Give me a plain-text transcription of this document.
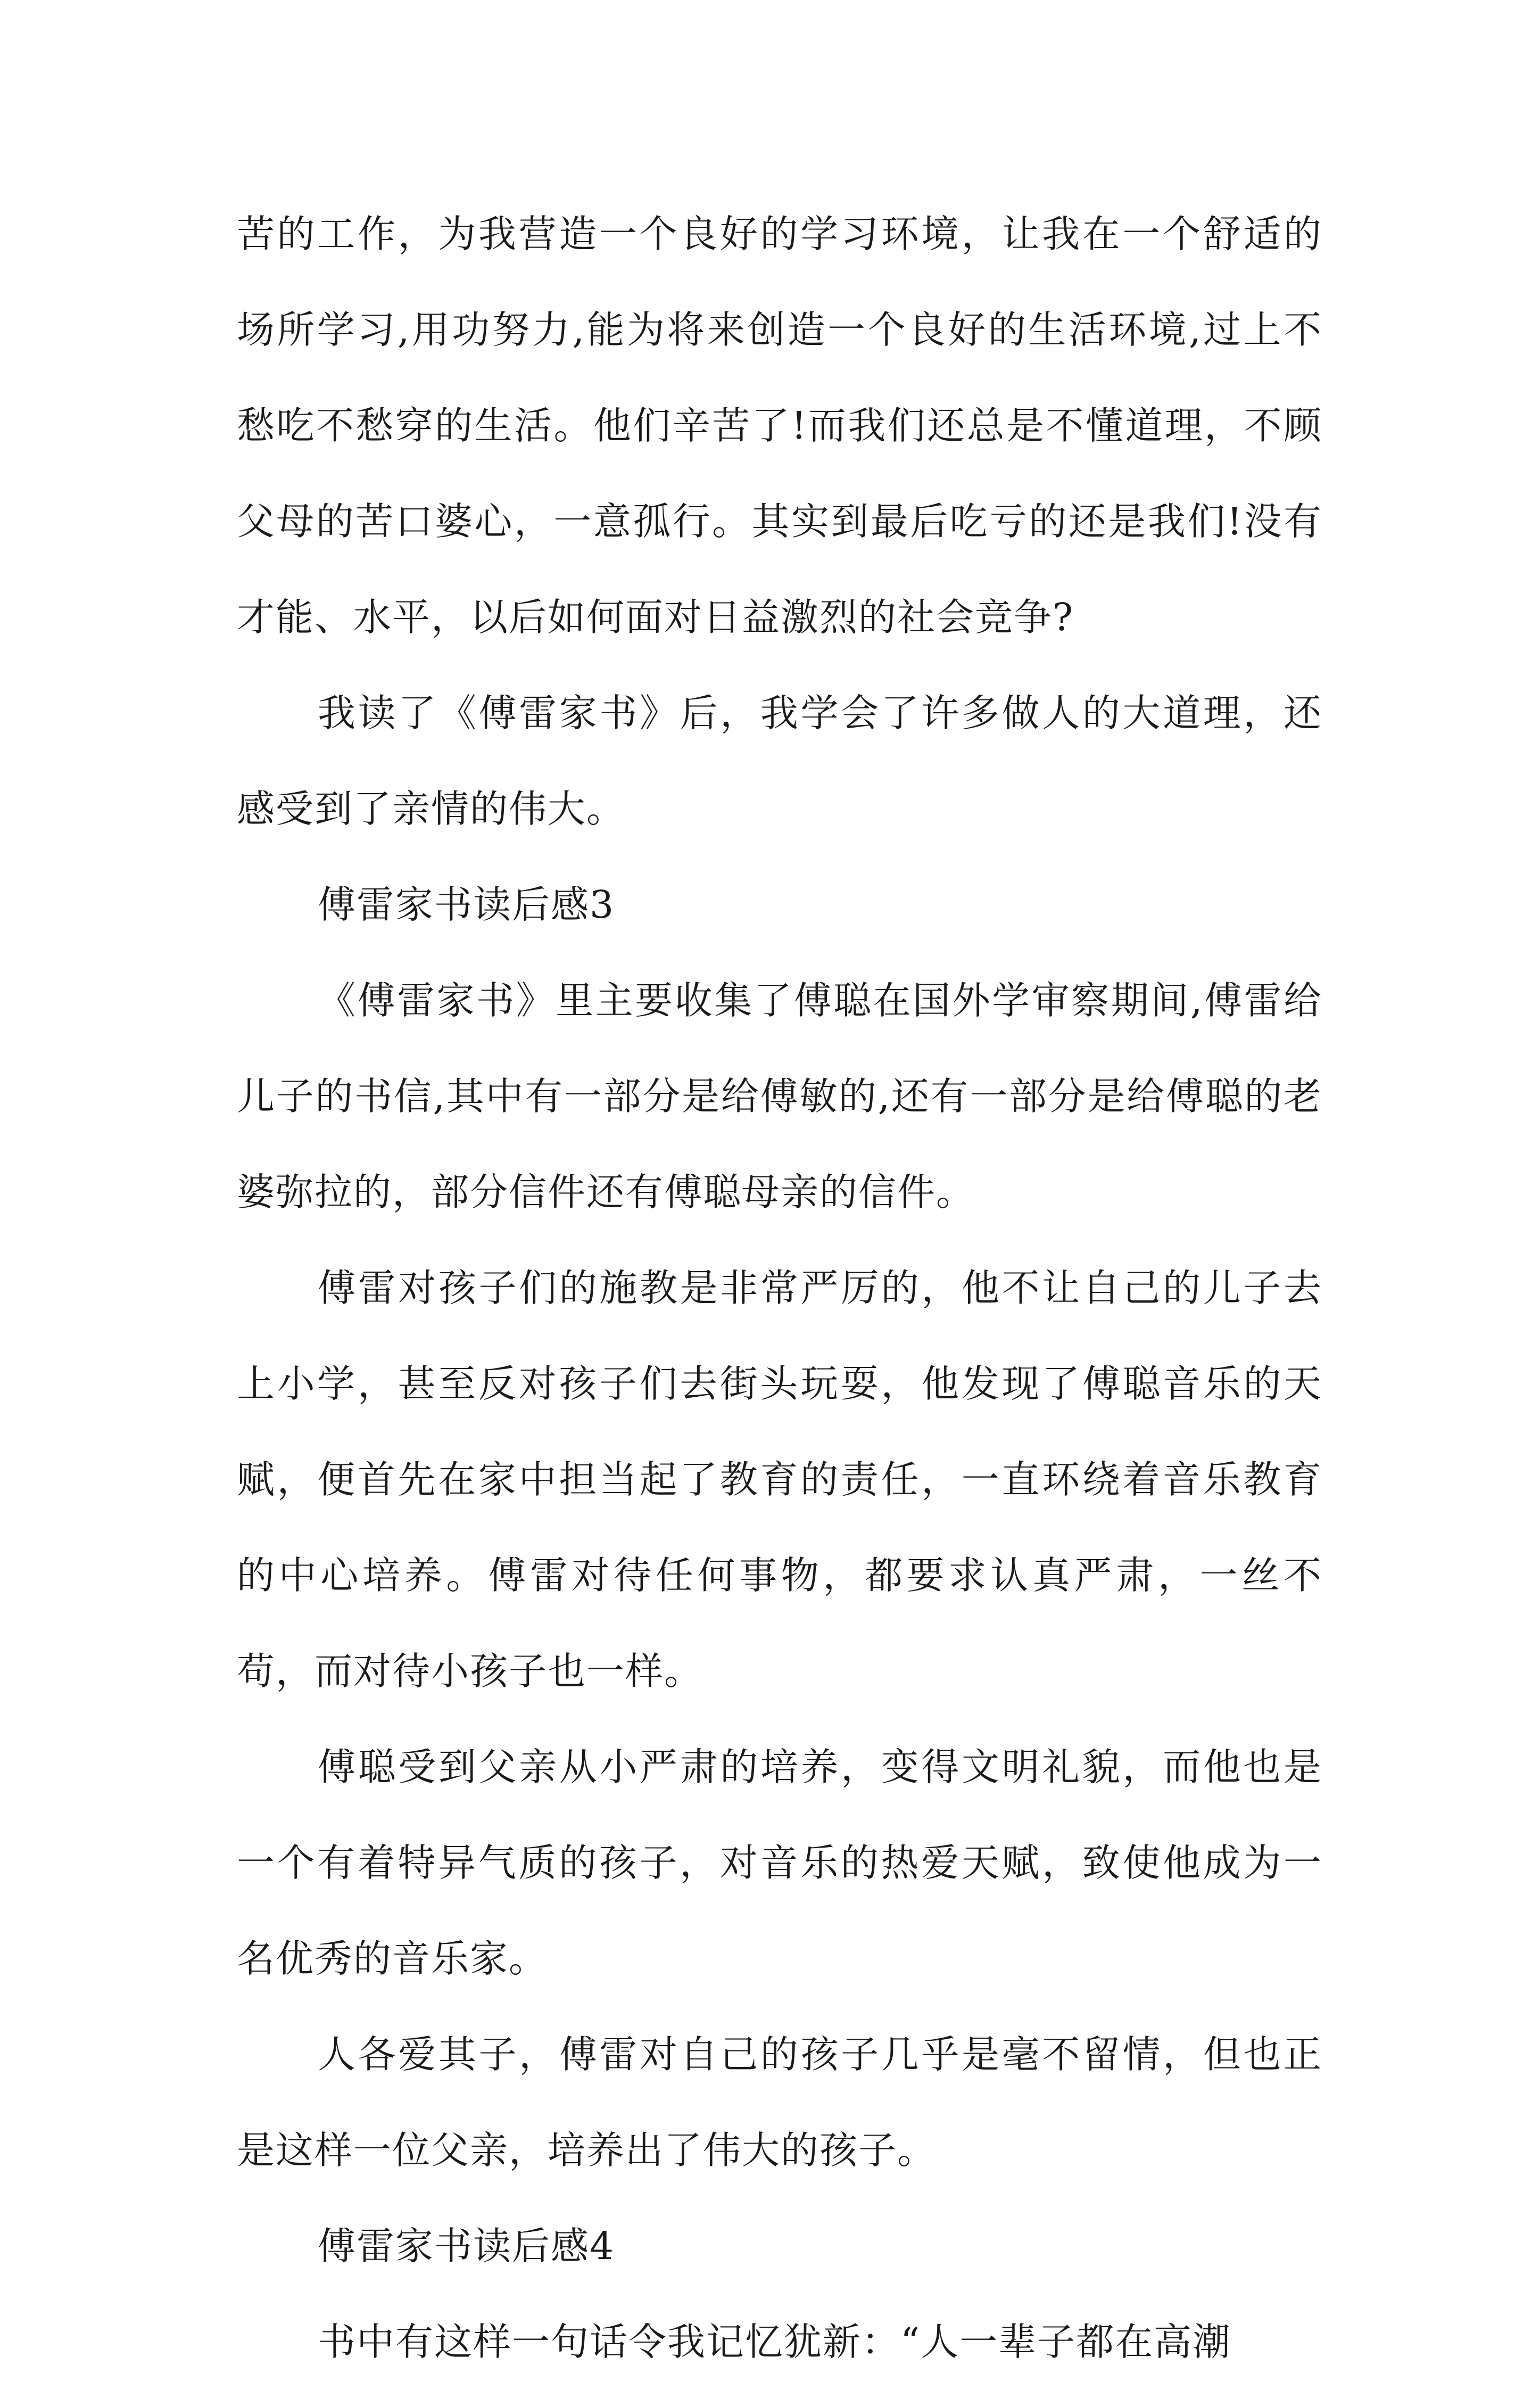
苦的工作，为我营造一个良好的学习环境，让我在一个舒适的场所学习,用功努力,能为将来创造一个良好的生活环境,过上不愁吃不愁穿的生活。他们辛苦了!而我们还总是不懂道理，不顾父母的苦口婆心，一意孤行。其实到最后吃亏的还是我们!没有才能、水平，以后如何面对日益激烈的社会竞争?

我读了《傅雷家书》后，我学会了许多做人的大道理，还感受到了亲情的伟大。

傅雷家书读后感3

《傅雷家书》里主要收集了傅聪在国外学审察期间,傅雷给儿子的书信,其中有一部分是给傅敏的,还有一部分是给傅聪的老婆弥拉的，部分信件还有傅聪母亲的信件。

傅雷对孩子们的施教是非常严厉的，他不让自己的儿子去上小学，甚至反对孩子们去街头玩耍，他发现了傅聪音乐的天赋，便首先在家中担当起了教育的责任，一直环绕着音乐教育的中心培养。傅雷对待任何事物，都要求认真严肃，一丝不苟，而对待小孩子也一样。

傅聪受到父亲从小严肃的培养，变得文明礼貌，而他也是一个有着特异气质的孩子，对音乐的热爱天赋，致使他成为一名优秀的音乐家。

人各爱其子，傅雷对自己的孩子几乎是毫不留情，但也正是这样一位父亲，培养出了伟大的孩子。

傅雷家书读后感4

书中有这样一句话令我记忆犹新：“人一辈子都在高潮
